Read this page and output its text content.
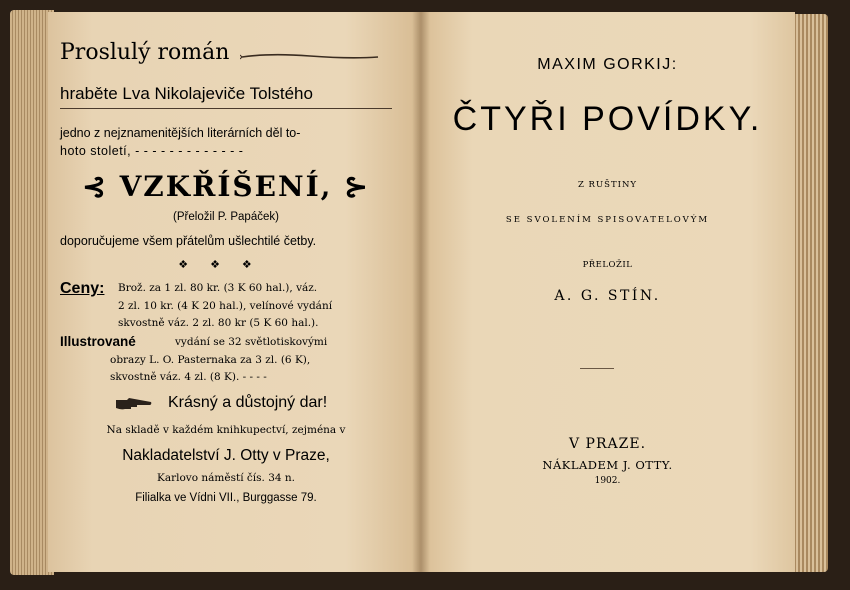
Proslulý román
hraběte Lva Nikolajeviče Tolstého
jedno z nejznamenitějších literárních děl to-
hoto století, - - - - - - - - - - - - -
⊰ VZKŘÍŠENÍ, ⊱
(Přeložil P. Papáček)
doporučujeme všem přátelům ušlechtilé četby.
❖❖❖
Ceny: Brož. za 1 zl. 80 kr. (3 K 60 hal.), váz.
2 zl. 10 kr. (4 K 20 hal.), velínové vydání
skvostně váz. 2 zl. 80 kr (5 K 60 hal.).
Illustrované	vydání se 32 světlotiskovými
obrazy L. O. Pasternaka za 3 zl. (6 K),
skvostně váz. 4 zl. (8 K). - - - -
Krásný a důstojný dar!
Na skladě v každém knihkupectví, zejména v
Nakladatelství J. Otty v Praze,
Karlovo náměstí čís. 34 n.
Filialka ve Vídni VII., Burggasse 79.
MAXIM GORKIJ:
ČTYŘI POVÍDKY.
Z RUŠTINY
SE SVOLENÍM SPISOVATELOVÝM
PŘELOŽIL
A. G. STÍN.
V PRAZE.
NÁKLADEM J. OTTY.
1902.
